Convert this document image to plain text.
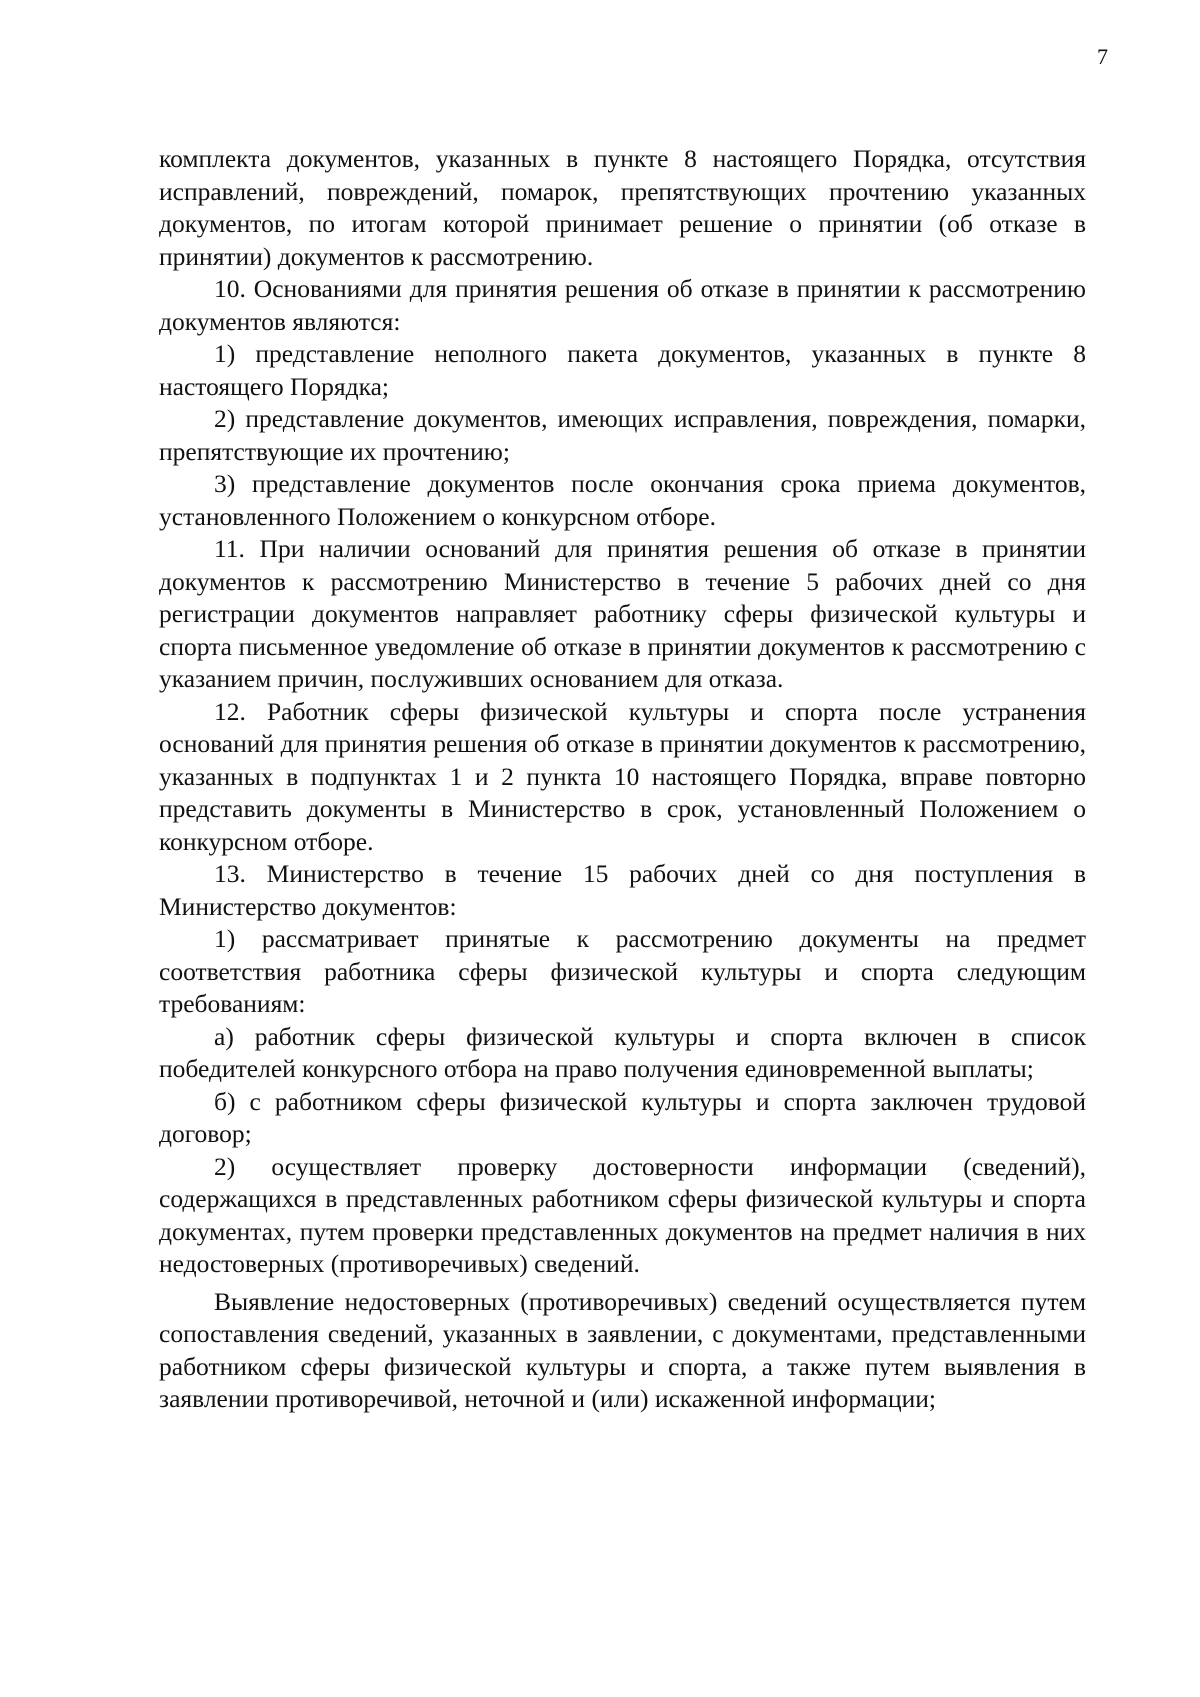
7

комплекта документов, указанных в пункте 8 настоящего Порядка, отсутствия исправлений, повреждений, помарок, препятствующих прочтению указанных документов, по итогам которой принимает решение о принятии (об отказе в принятии) документов к рассмотрению.

10. Основаниями для принятия решения об отказе в принятии к рассмотрению документов являются:

1) представление неполного пакета документов, указанных в пункте 8 настоящего Порядка;

2) представление документов, имеющих исправления, повреждения, помарки, препятствующие их прочтению;

3) представление документов после окончания срока приема документов, установленного Положением о конкурсном отборе.

11. При наличии оснований для принятия решения об отказе в принятии документов к рассмотрению Министерство в течение 5 рабочих дней со дня регистрации документов направляет работнику сферы физической культуры и спорта письменное уведомление об отказе в принятии документов к рассмотрению с указанием причин, послуживших основанием для отказа.

12. Работник сферы физической культуры и спорта после устранения оснований для принятия решения об отказе в принятии документов к рассмотрению, указанных в подпунктах 1 и 2 пункта 10 настоящего Порядка, вправе повторно представить документы в Министерство в срок, установленный Положением о конкурсном отборе.

13. Министерство в течение 15 рабочих дней со дня поступления в Министерство документов:

1) рассматривает принятые к рассмотрению документы на предмет соответствия работника сферы физической культуры и спорта следующим требованиям:

а) работник сферы физической культуры и спорта включен в список победителей конкурсного отбора на право получения единовременной выплаты;

б) с работником сферы физической культуры и спорта заключен трудовой договор;

2) осуществляет проверку достоверности информации (сведений), содержащихся в представленных работником сферы физической культуры и спорта документах, путем проверки представленных документов на предмет наличия в них недостоверных (противоречивых) сведений.

Выявление недостоверных (противоречивых) сведений осуществляется путем сопоставления сведений, указанных в заявлении, с документами, представленными работником сферы физической культуры и спорта, а также путем выявления в заявлении противоречивой, неточной и (или) искаженной информации;
